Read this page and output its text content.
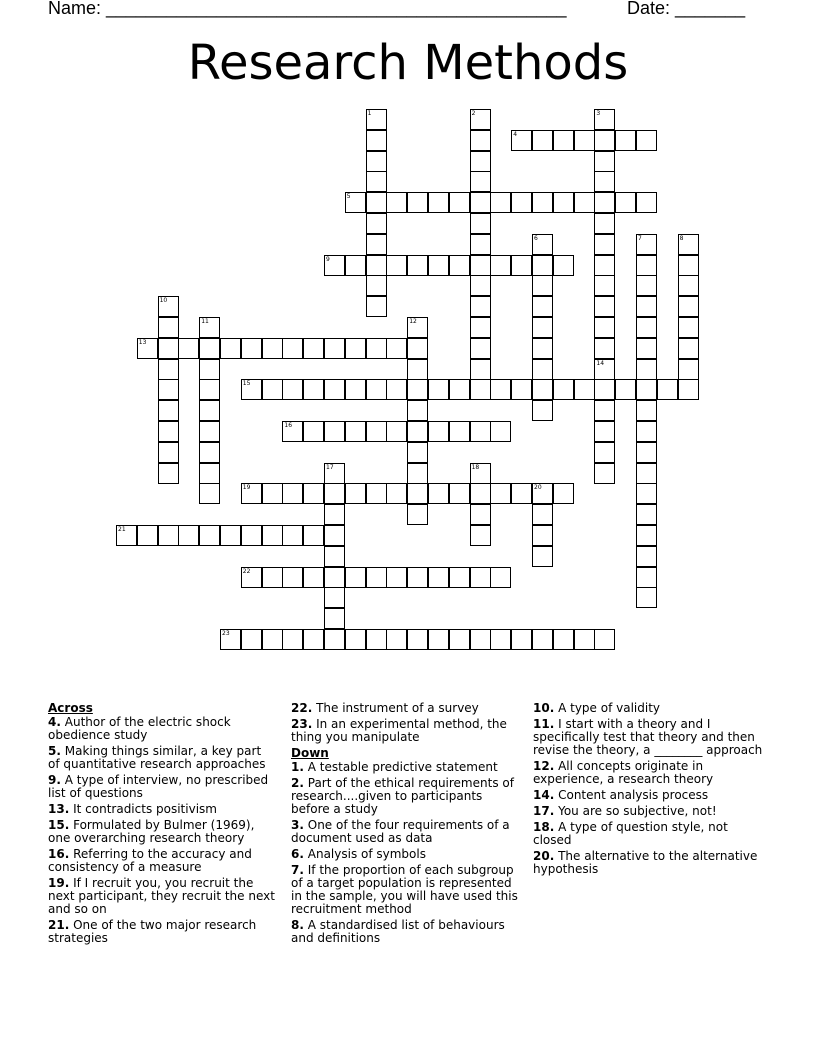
Name: ______________________________________________	Date: _______
Research Methods
1	2	3
4
5
6	7	8
9
10
11	12
13
14
15
16
17	18
19	20
21
22
23

Across

4. Author of the electric shock obedience study

5. Making things similar, a key part of quantitative research approaches

9. A type of interview, no prescribed list of questions

13. It contradicts positivism

15. Formulated by Bulmer (1969), one overarching research theory

16. Referring to the accuracy and consistency of a measure

19. If I recruit you, you recruit the next participant, they recruit the next and so on

21. One of the two major research strategies

22. The instrument of a survey

23. In an experimental method, the thing you manipulate

Down

1. A testable predictive statement

2. Part of the ethical requirements of research....given to participants before a study

3. One of the four requirements of a document used as data

6. Analysis of symbols

7. If the proportion of each subgroup of a target population is represented in the sample, you will have used this recruitment method

8. A standardised list of behaviours and definitions

10. A type of validity

11. I start with a theory and I specifically test that theory and then revise the theory, a ________ approach

12. All concepts originate in experience, a research theory

14. Content analysis process

17. You are so subjective, not!

18. A type of question style, not closed

20. The alternative to the alternative hypothesis
